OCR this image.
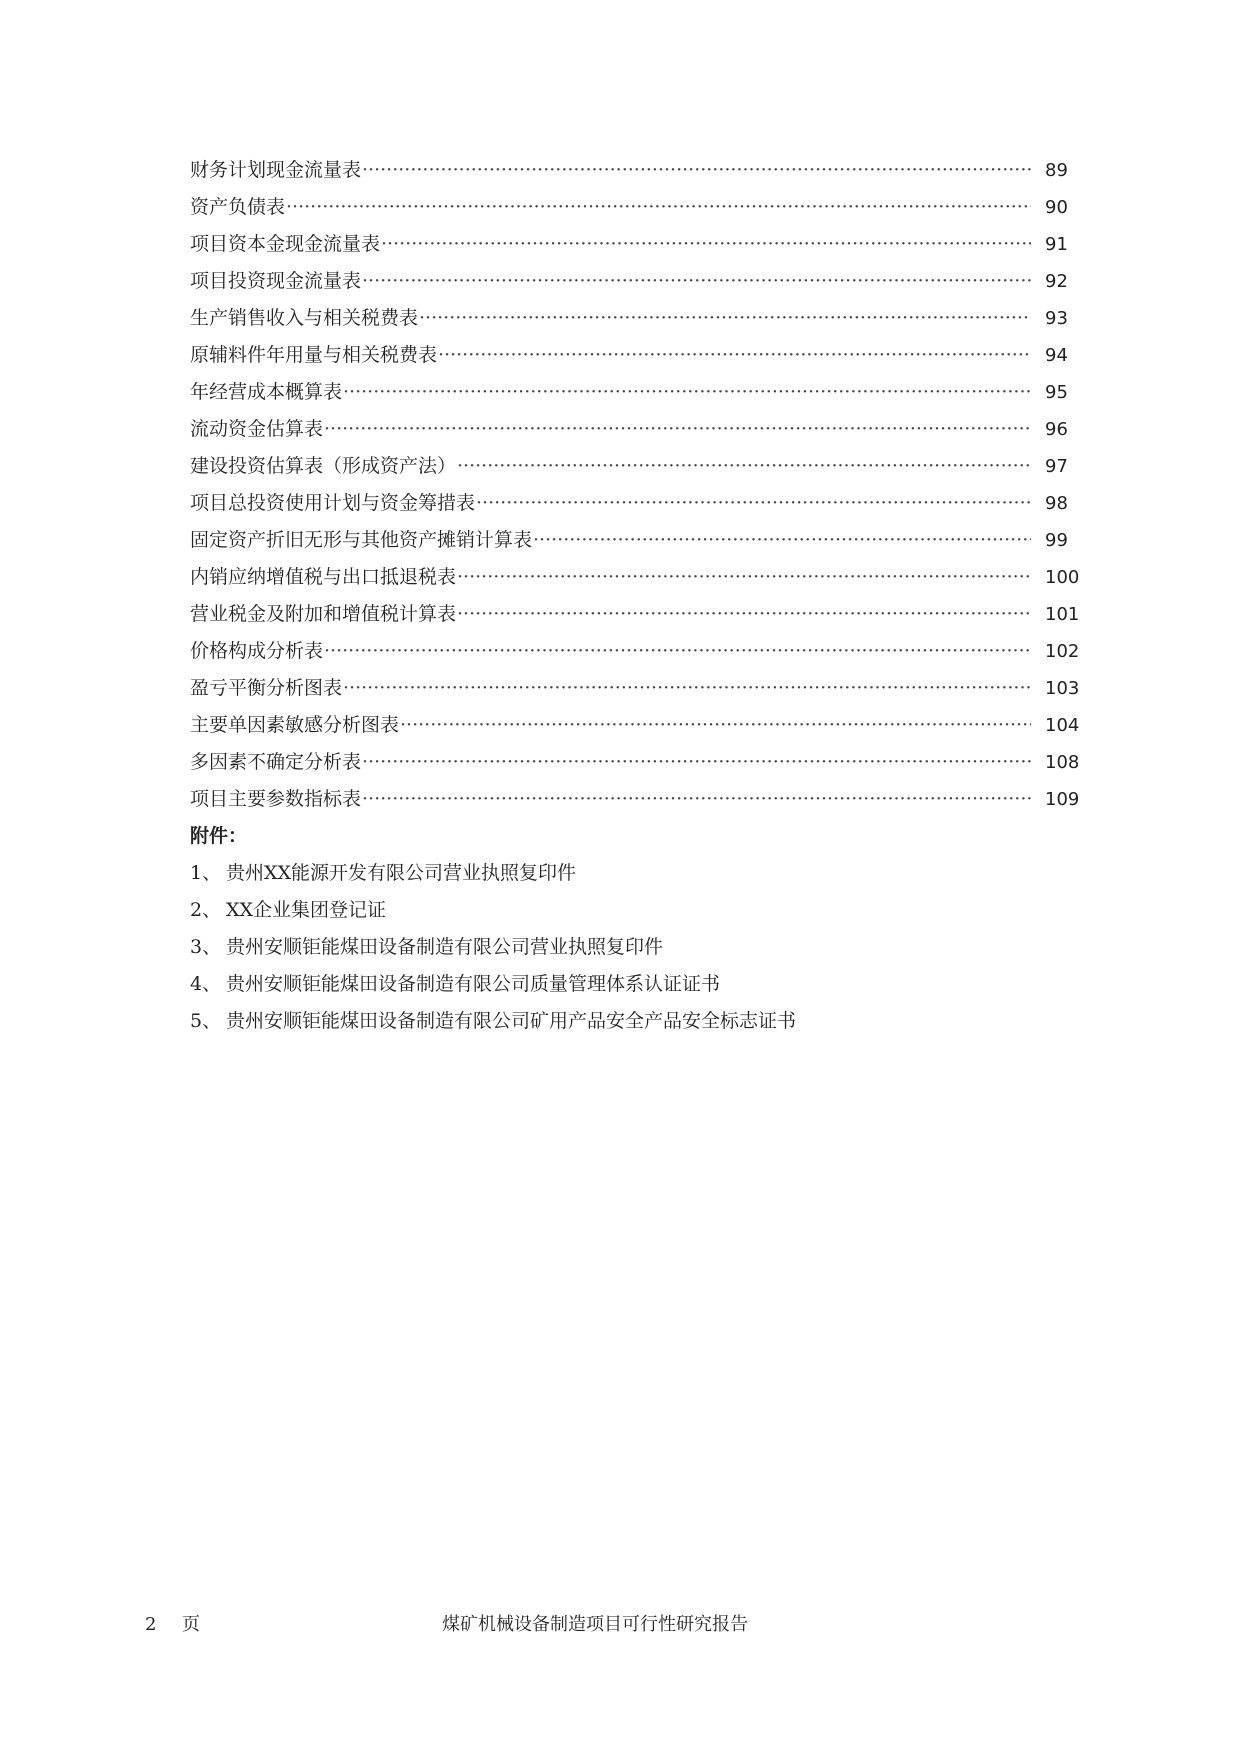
财务计划现金流量表 ·····	89
资产负债表 ·····	90
项目资本金现金流量表 ·····	91
项目投资现金流量表 ·····	92
生产销售收入与相关税费表 ·····	93
原辅料件年用量与相关税费表 ·····	94
年经营成本概算表 ·····	95
流动资金估算表 ·····	96
建设投资估算表（形成资产法） ·····	97
项目总投资使用计划与资金筹措表 ·····	98
固定资产折旧无形与其他资产摊销计算表 ·····	99
内销应纳增值税与出口抵退税表 ·····	100
营业税金及附加和增值税计算表 ·····	101
价格构成分析表 ·····	102
盈亏平衡分析图表 ·····	103
主要单因素敏感分析图表 ·····	104
多因素不确定分析表 ·····	108
项目主要参数指标表 ·····	109
附件：
1、 贵州XX能源开发有限公司营业执照复印件
2、 XX企业集团登记证
3、 贵州安顺钜能煤田设备制造有限公司营业执照复印件
4、 贵州安顺钜能煤田设备制造有限公司质量管理体系认证证书
5、 贵州安顺钜能煤田设备制造有限公司矿用产品安全产品安全标志证书
2 页	煤矿机械设备制造项目可行性研究报告
